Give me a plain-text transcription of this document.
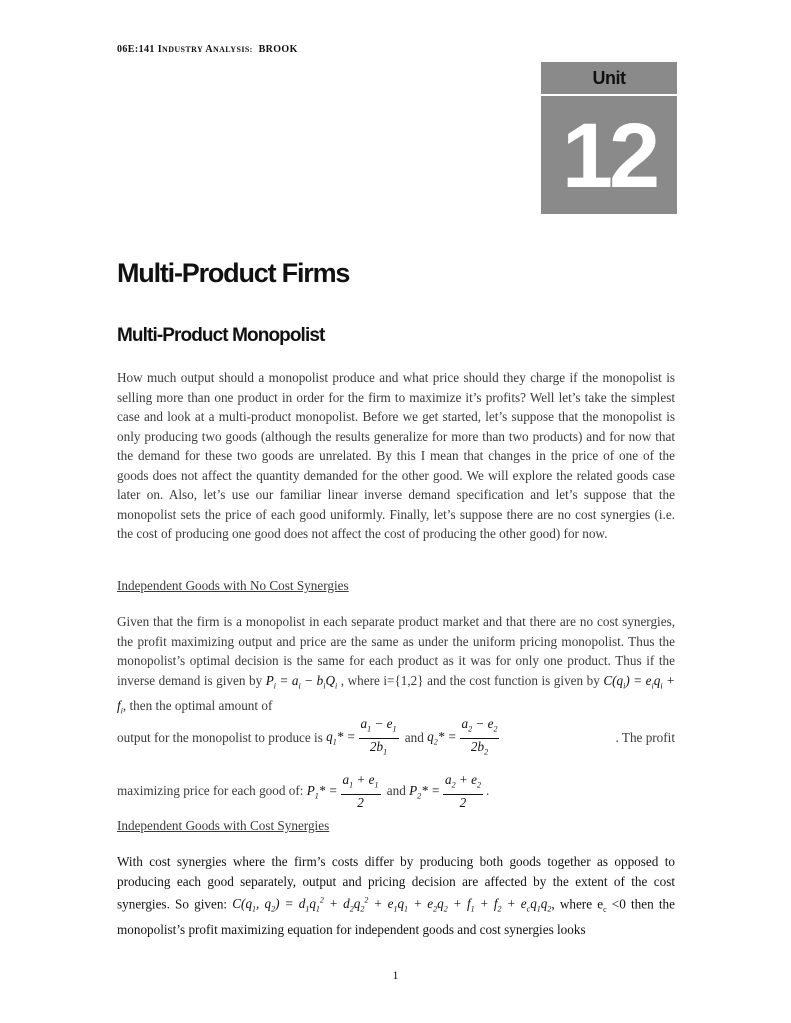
06E:141 INDUSTRY ANALYSIS: BROOK
Unit
12
Multi-Product Firms
Multi-Product Monopolist

How much output should a monopolist produce and what price should they charge if the monopolist is selling more than one product in order for the firm to maximize it’s profits? Well let’s take the simplest case and look at a multi-product monopolist. Before we get started, let’s suppose that the monopolist is only producing two goods (although the results generalize for more than two products) and for now that the demand for these two goods are unrelated. By this I mean that changes in the price of one of the goods does not affect the quantity demanded for the other good. We will explore the related goods case later on. Also, let’s use our familiar linear inverse demand specification and let’s suppose that the monopolist sets the price of each good uniformly. Finally, let’s suppose there are no cost synergies (i.e. the cost of producing one good does not affect the cost of producing the other good) for now.

Independent Goods with No Cost Synergies

Given that the firm is a monopolist in each separate product market and that there are no cost synergies, the profit maximizing output and price are the same as under the uniform pricing monopolist. Thus the monopolist’s optimal decision is the same for each product as it was for only one product. Thus if the inverse demand is given by $P_i = a_i - b_iQ_i$ , where i={1,2} and the cost function is given by $C(q_i) = e_iq_i + f_i$, then the optimal amount of

output for the monopolist to produce is
$q_1* = \frac{a_1 - e_1}{2b_1}$
and
$q_2* = \frac{a_2 - e_2}{2b_2}$	. The profit
maximizing price for each good of:
$P_1* = \frac{a_1 + e_1}{2}$
and
$P_2* = \frac{a_2 + e_2}{2}$ .

Independent Goods with Cost Synergies

With cost synergies where the firm’s costs differ by producing both goods together as opposed to producing each good separately, output and pricing decision are affected by the extent of the cost synergies. So given: $C(q_1$, $q_2) = d_1q_1^2 + d_2q_2^2 + e_1q_1 + e_2q_2 + f_1 + f_2 + e_cq_1q_2$, where $e_c <0$ then the monopolist’s profit maximizing equation for independent goods and cost synergies looks

1
